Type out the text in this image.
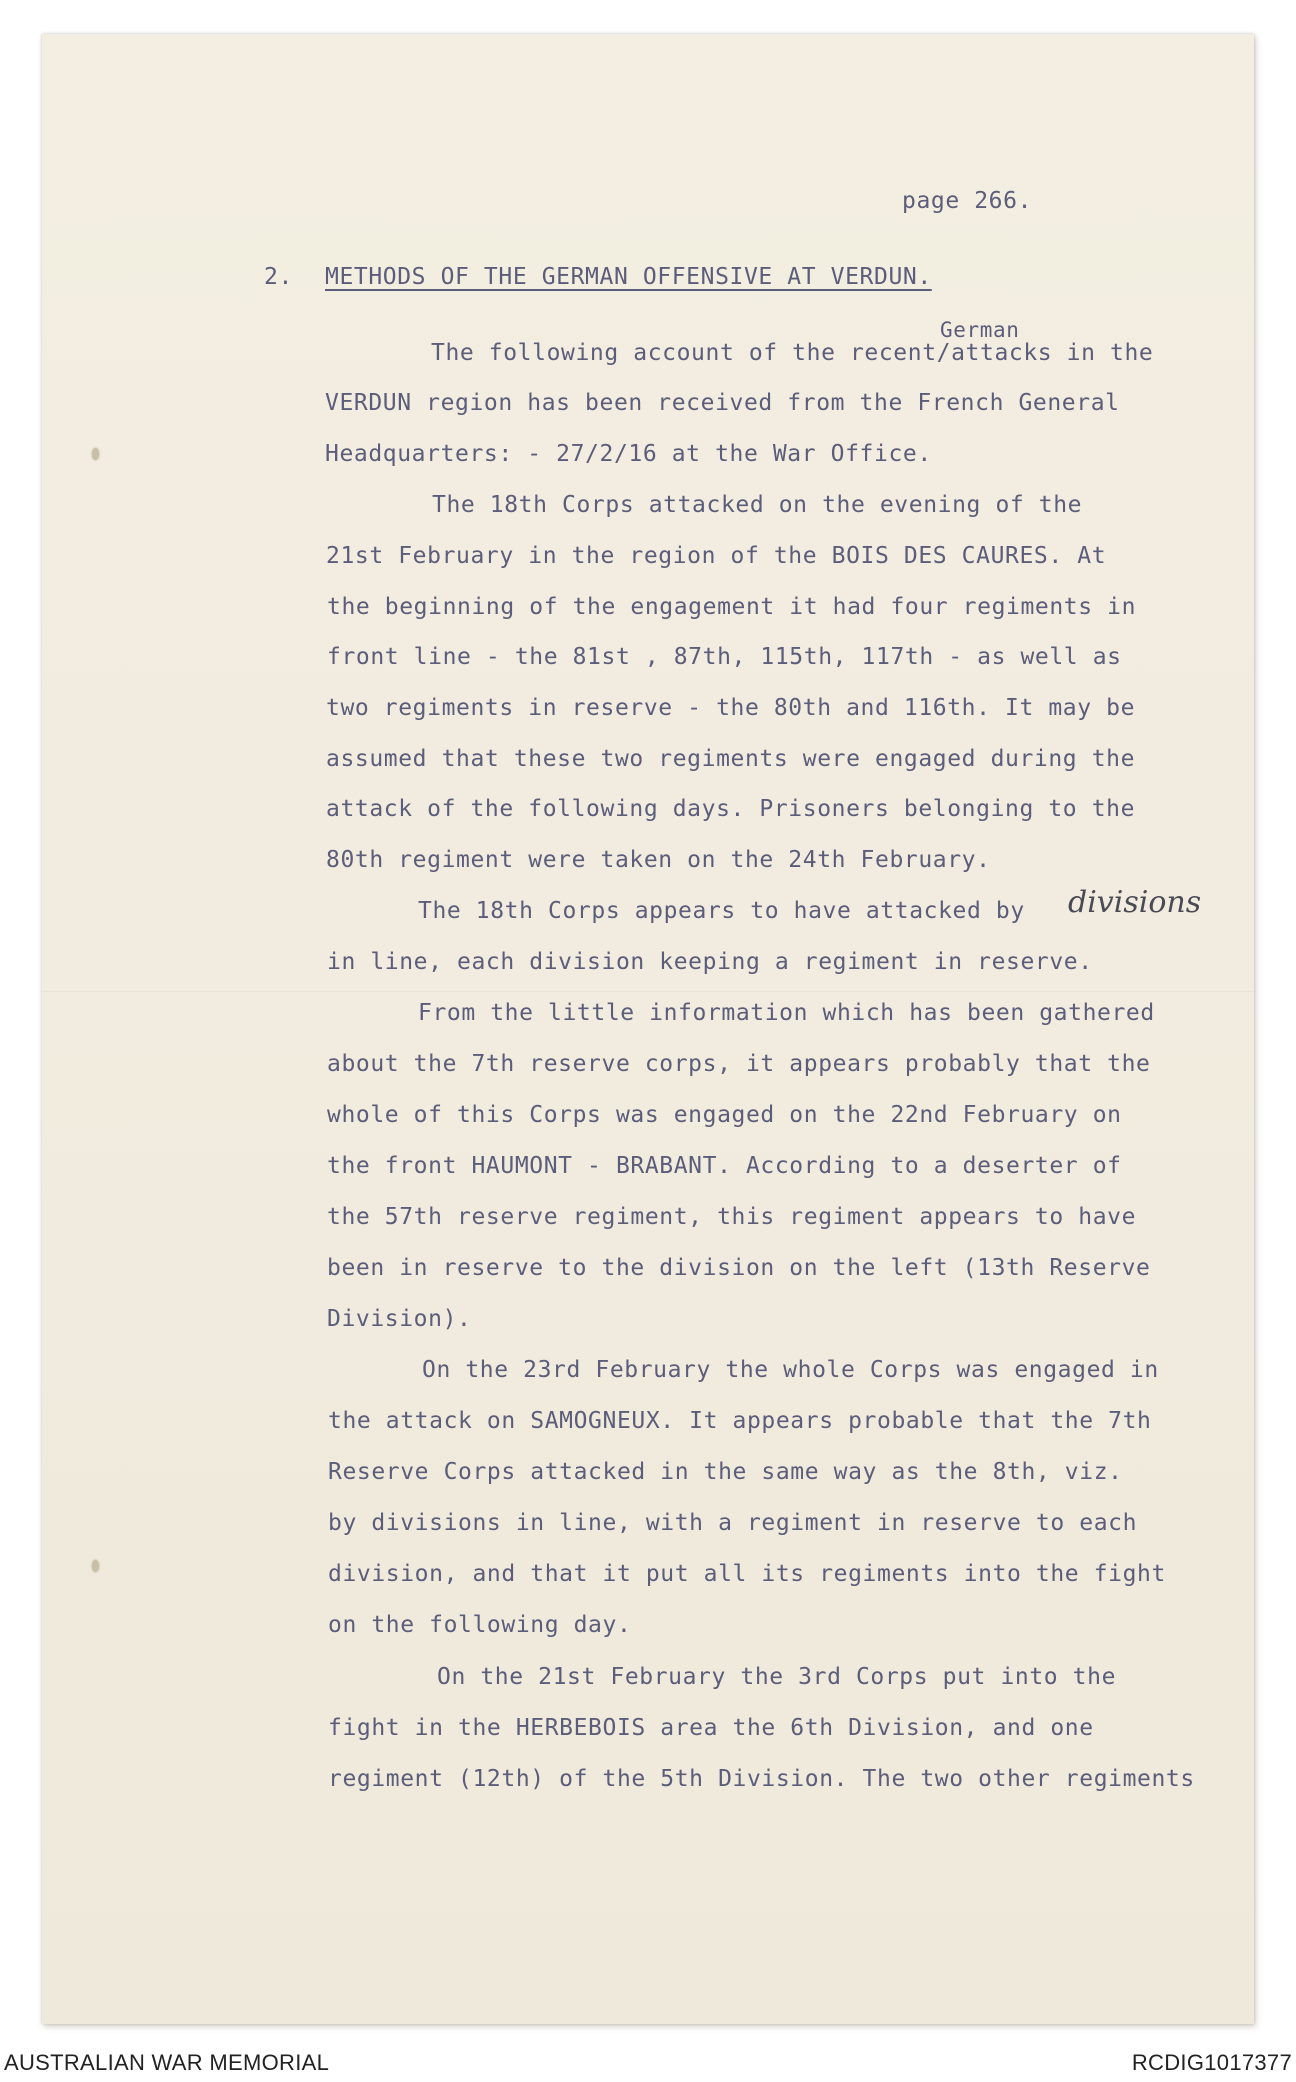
page 266.
2. METHODS OF THE GERMAN OFFENSIVE AT VERDUN.
German
The following account of the recent/attacks in the
VERDUN region has been received from the French General
Headquarters: - 27/2/16 at the War Office.
The 18th Corps attacked on the evening of the
21st February in the region of the BOIS DES CAURES. At
the beginning of the engagement it had four regiments in
front line - the 81st , 87th, 115th, 117th - as well as
two regiments in reserve - the 80th and 116th. It may be
assumed that these two regiments were engaged during the
attack of the following days. Prisoners belonging to the
80th regiment were taken on the 24th February.
The 18th Corps appears to have attacked by divisions
in line, each division keeping a regiment in reserve.
From the little information which has been gathered
about the 7th reserve corps, it appears probably that the
whole of this Corps was engaged on the 22nd February on
the front HAUMONT - BRABANT. According to a deserter of
the 57th reserve regiment, this regiment appears to have
been in reserve to the division on the left (13th Reserve
Division).
On the 23rd February the whole Corps was engaged in
the attack on SAMOGNEUX. It appears probable that the 7th
Reserve Corps attacked in the same way as the 8th, viz.
by divisions in line, with a regiment in reserve to each
division, and that it put all its regiments into the fight
on the following day.
On the 21st February the 3rd Corps put into the
fight in the HERBEBOIS area the 6th Division, and one
regiment (12th) of the 5th Division. The two other regiments
AUSTRALIAN WAR MEMORIAL	RCDIG1017377
